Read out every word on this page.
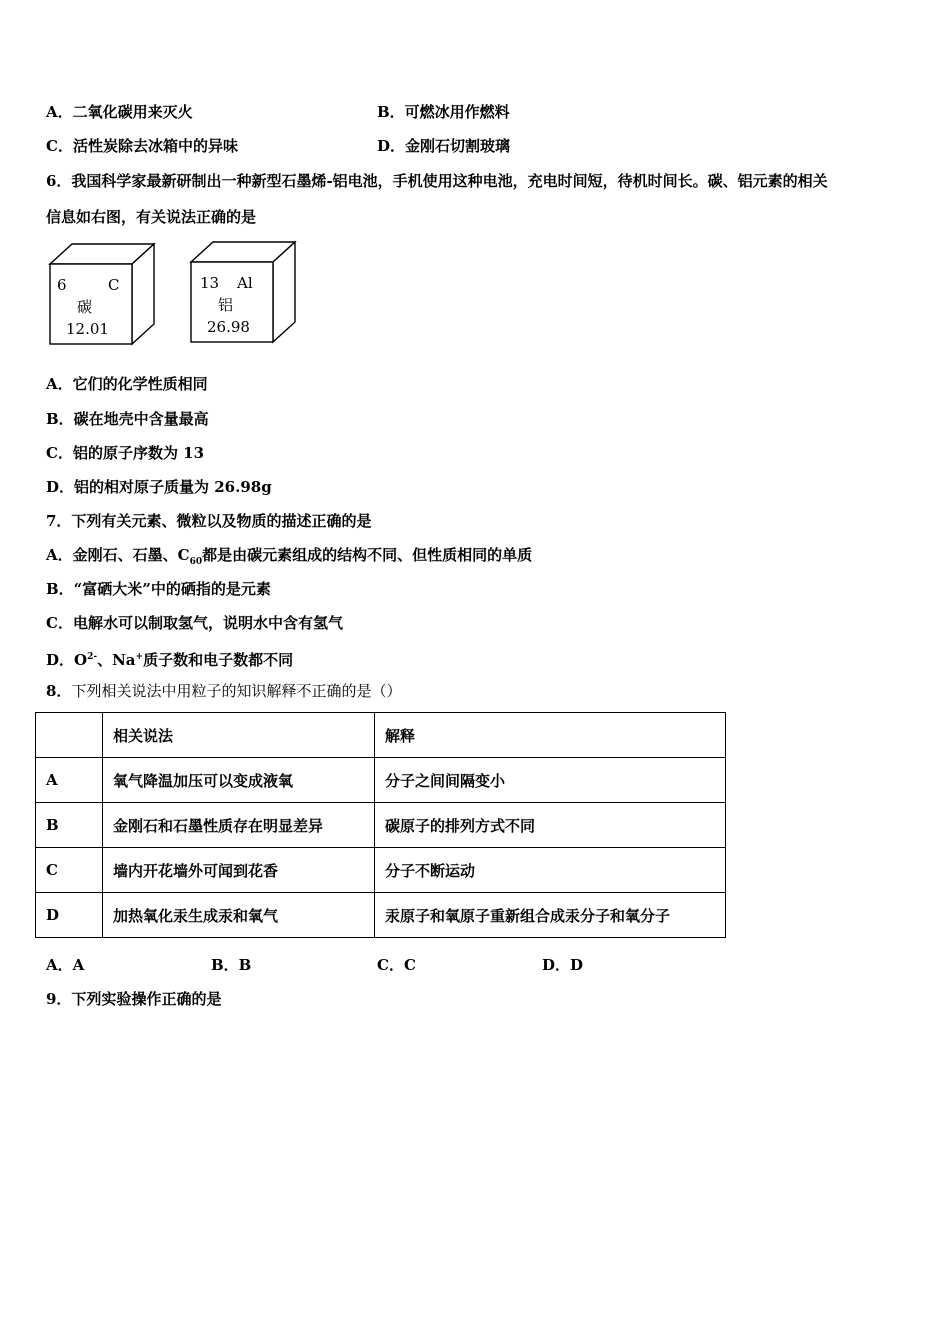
A．二氧化碳用来灭火	B．可燃冰用作燃料
C．活性炭除去冰箱中的异味	D．金刚石切割玻璃
6．我国科学家最新研制出一种新型石墨烯-铝电池，手机使用这种电池，充电时间短，待机时间长。碳、铝元素的相关
信息如右图，有关说法正确的是
6	C
碳
12.01
13 Al
铝
26.98
A．它们的化学性质相同
B．碳在地壳中含量最高
C．铝的原子序数为 13
D．铝的相对原子质量为 26.98g
7．下列有关元素、微粒以及物质的描述正确的是
A．金刚石、石墨、$C_{60}$都是由碳元素组成的结构不同、但性质相同的单质
B．“富硒大米”中的硒指的是元素
C．电解水可以制取氢气，说明水中含有氢气
D．$O^{2-}$、Na+质子数和电子数都不同
8．下列相关说法中用粒子的知识解释不正确的是（）
	相关说法	解释
A	氧气降温加压可以变成液氧	分子之间间隔变小
B	金刚石和石墨性质存在明显差异	碳原子的排列方式不同
C	墙内开花墙外可闻到花香	分子不断运动
D	加热氧化汞生成汞和氧气	汞原子和氧原子重新组合成汞分子和氧分子
A．A	B．B	C．C	D．D
9．下列实验操作正确的是
